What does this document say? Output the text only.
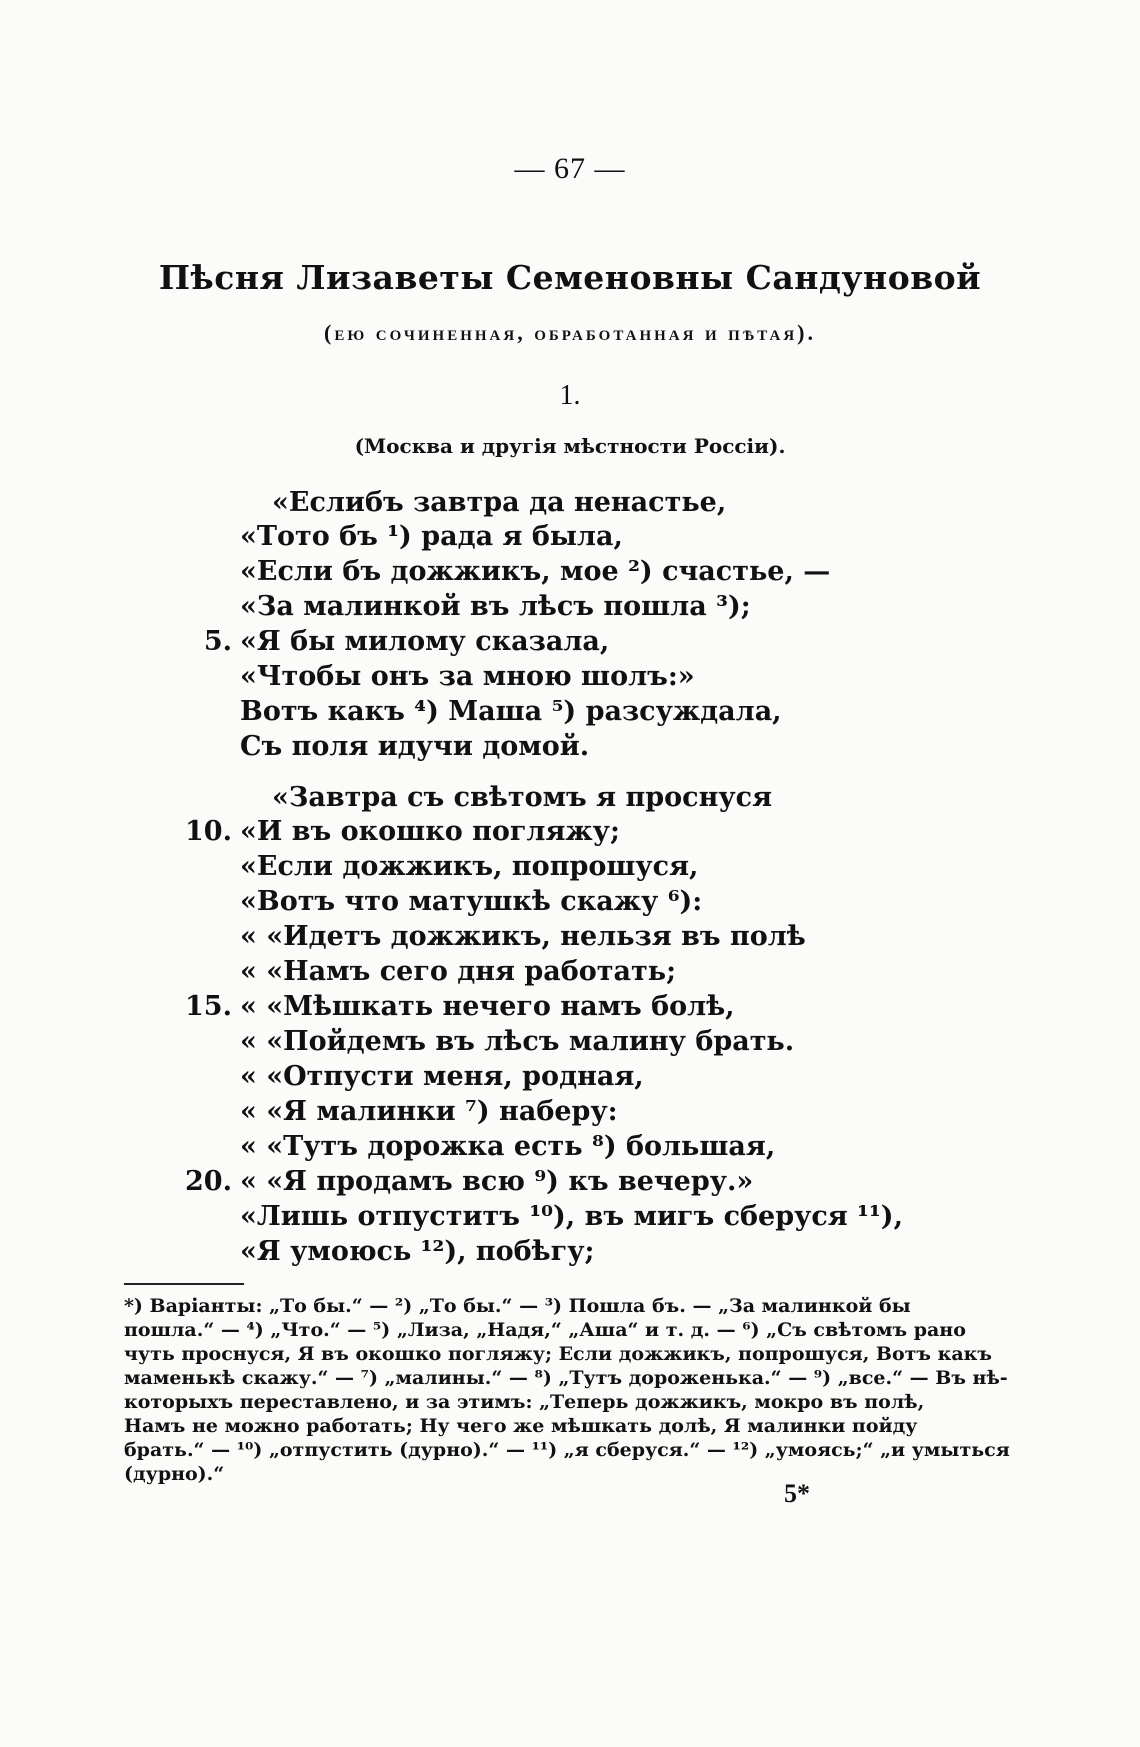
— 67 —
Пѣсня Лизаветы Семеновны Сандуновой
(ею сочиненная, обработанная и пѣтая).
1.
(Москва и другія мѣстности Россіи).
«Еслибъ завтра да ненастье,
«Тото бъ ¹) рада я была,
«Если бъ дожжикъ, мое ²) счастье, —
«За малинкой въ лѣсъ пошла ³);
5. «Я бы милому сказала,
«Чтобы онъ за мною шолъ:»
Вотъ какъ ⁴) Маша ⁵) разсуждала,
Съ поля идучи домой.
«Завтра съ свѣтомъ я проснуся
10. «И въ окошко погляжу;
«Если дожжикъ, попрошуся,
«Вотъ что матушкѣ скажу ⁶):
« «Идетъ дожжикъ, нельзя въ полѣ
« «Намъ сего дня работать;
15. « «Мѣшкать нечего намъ болѣ,
« «Пойдемъ въ лѣсъ малину брать.
« «Отпусти меня, родная,
« «Я малинки ⁷) наберу:
« «Тутъ дорожка есть ⁸) большая,
20. « «Я продамъ всю ⁹) къ вечеру.»
«Лишь отпуститъ ¹⁰), въ мигъ сберуся ¹¹),
«Я умоюсь ¹²), побѣгу;
*) Варіанты: „То бы.“ — ²) „То бы.“ — ³) Пошла бъ. — „За малинкой бы
пошла.“ — ⁴) „Что.“ — ⁵) „Лиза, „Надя,“ „Аша“ и т. д. — ⁶) „Съ свѣтомъ рано
чуть проснуся, Я въ окошко погляжу; Если дожжикъ, попрошуся, Вотъ какъ
маменькѣ скажу.“ — ⁷) „малины.“ — ⁸) „Тутъ дороженька.“ — ⁹) „все.“ — Въ нѣ-
которыхъ переставлено, и за этимъ: „Теперь дожжикъ, мокро въ полѣ,
Намъ не можно работать; Ну чего же мѣшкать долѣ, Я малинки пойду
брать.“ — ¹⁰) „отпустить (дурно).“ — ¹¹) „я сберуся.“ — ¹²) „умоясь;“ „и умыться
(дурно).“
5*
